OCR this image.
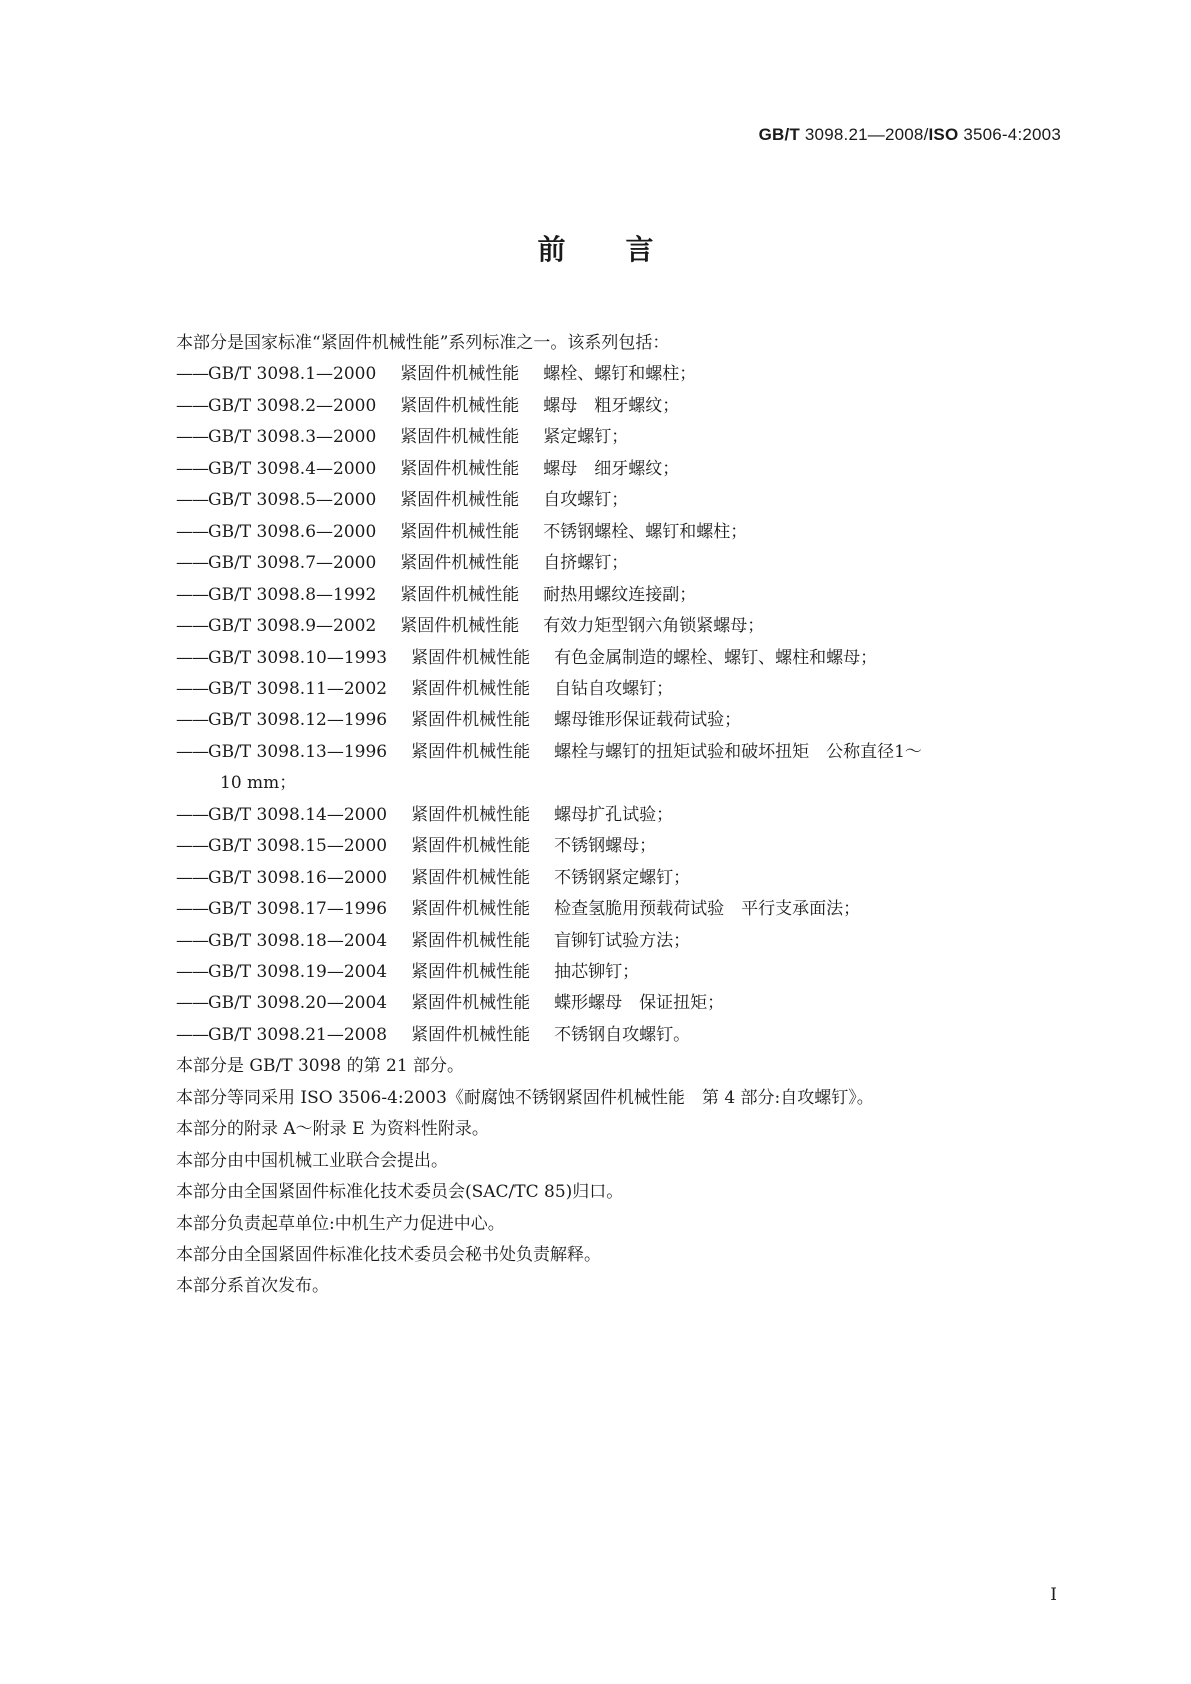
GB/T 3098.21—2008/ISO 3506-4:2003
前言
本部分是国家标准“紧固件机械性能”系列标准之一。该系列包括：
——GB/T 3098.1—2000 紧固件机械性能 螺栓、螺钉和螺柱；
——GB/T 3098.2—2000 紧固件机械性能 螺母　粗牙螺纹；
——GB/T 3098.3—2000 紧固件机械性能 紧定螺钉；
——GB/T 3098.4—2000 紧固件机械性能 螺母　细牙螺纹；
——GB/T 3098.5—2000 紧固件机械性能 自攻螺钉；
——GB/T 3098.6—2000 紧固件机械性能 不锈钢螺栓、螺钉和螺柱；
——GB/T 3098.7—2000 紧固件机械性能 自挤螺钉；
——GB/T 3098.8—1992 紧固件机械性能 耐热用螺纹连接副；
——GB/T 3098.9—2002 紧固件机械性能 有效力矩型钢六角锁紧螺母；
——GB/T 3098.10—1993 紧固件机械性能 有色金属制造的螺栓、螺钉、螺柱和螺母；
——GB/T 3098.11—2002 紧固件机械性能 自钻自攻螺钉；
——GB/T 3098.12—1996 紧固件机械性能 螺母锥形保证载荷试验；
——GB/T 3098.13—1996 紧固件机械性能 螺栓与螺钉的扭矩试验和破坏扭矩　公称直径1～
10 mm；
——GB/T 3098.14—2000 紧固件机械性能 螺母扩孔试验；
——GB/T 3098.15—2000 紧固件机械性能 不锈钢螺母；
——GB/T 3098.16—2000 紧固件机械性能 不锈钢紧定螺钉；
——GB/T 3098.17—1996 紧固件机械性能 检查氢脆用预载荷试验　平行支承面法；
——GB/T 3098.18—2004 紧固件机械性能 盲铆钉试验方法；
——GB/T 3098.19—2004 紧固件机械性能 抽芯铆钉；
——GB/T 3098.20—2004 紧固件机械性能 蝶形螺母　保证扭矩；
——GB/T 3098.21—2008 紧固件机械性能 不锈钢自攻螺钉。
本部分是 GB/T 3098 的第 21 部分。
本部分等同采用 ISO 3506-4:2003《耐腐蚀不锈钢紧固件机械性能　第 4 部分:自攻螺钉》。
本部分的附录 A～附录 E 为资料性附录。
本部分由中国机械工业联合会提出。
本部分由全国紧固件标准化技术委员会(SAC/TC 85)归口。
本部分负责起草单位:中机生产力促进中心。
本部分由全国紧固件标准化技术委员会秘书处负责解释。
本部分系首次发布。
I
